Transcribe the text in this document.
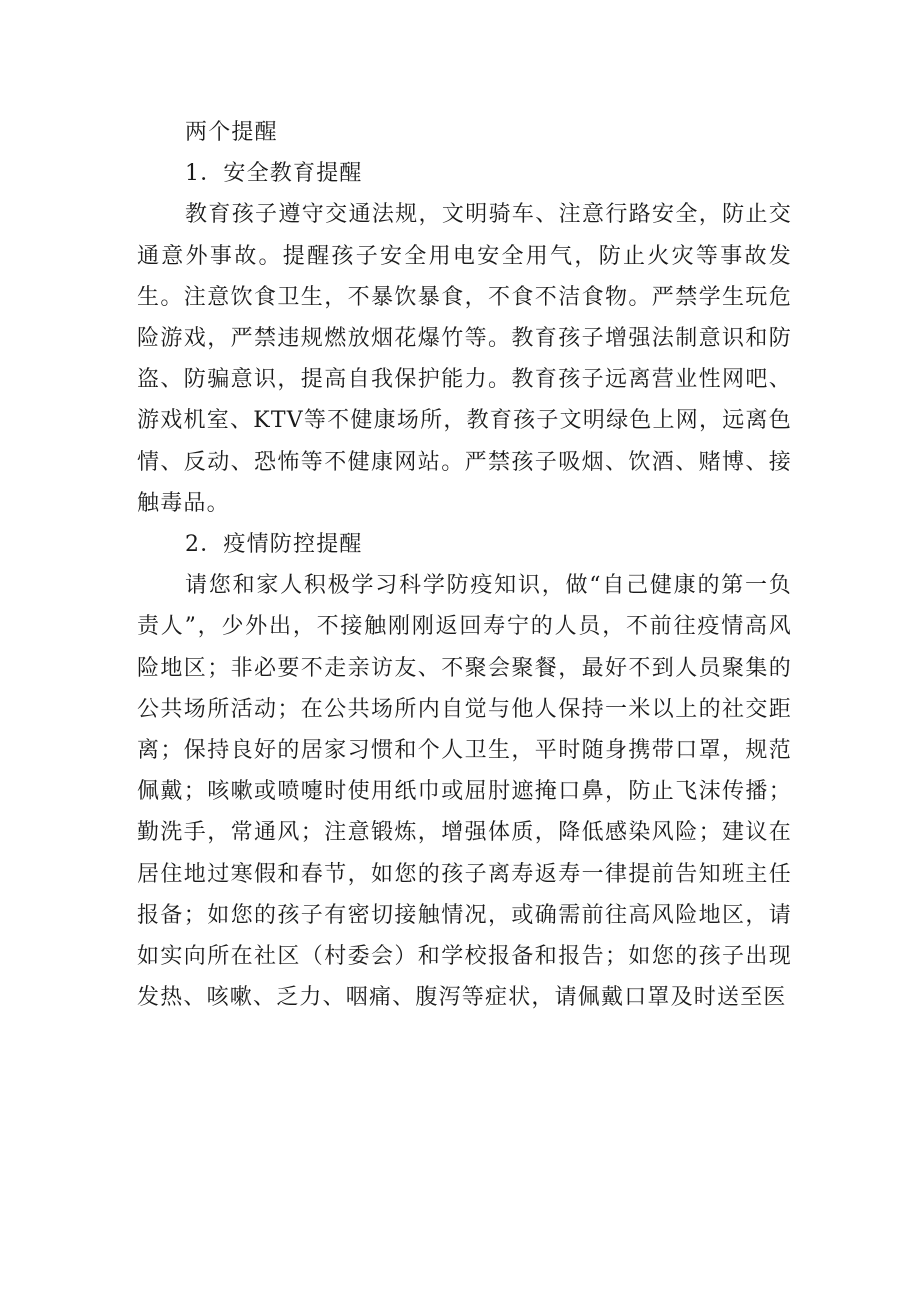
两个提醒

1．安全教育提醒

教育孩子遵守交通法规，文明骑车、注意行路安全，防止交通意外事故。提醒孩子安全用电安全用气，防止火灾等事故发生。注意饮食卫生，不暴饮暴食，不食不洁食物。严禁学生玩危险游戏，严禁违规燃放烟花爆竹等。教育孩子增强法制意识和防盗、防骗意识，提高自我保护能力。教育孩子远离营业性网吧、游戏机室、KTV等不健康场所，教育孩子文明绿色上网，远离色情、反动、恐怖等不健康网站。严禁孩子吸烟、饮酒、赌博、接触毒品。

2．疫情防控提醒

请您和家人积极学习科学防疫知识，做“自己健康的第一负责人”，少外出，不接触刚刚返回寿宁的人员，不前往疫情高风险地区；非必要不走亲访友、不聚会聚餐，最好不到人员聚集的公共场所活动；在公共场所内自觉与他人保持一米以上的社交距离；保持良好的居家习惯和个人卫生，平时随身携带口罩，规范佩戴；咳嗽或喷嚏时使用纸巾或屈肘遮掩口鼻，防止飞沫传播；勤洗手，常通风；注意锻炼，增强体质，降低感染风险；建议在居住地过寒假和春节，如您的孩子离寿返寿一律提前告知班主任报备；如您的孩子有密切接触情况，或确需前往高风险地区，请如实向所在社区（村委会）和学校报备和报告；如您的孩子出现发热、咳嗽、乏力、咽痛、腹泻等症状，请佩戴口罩及时送至医
